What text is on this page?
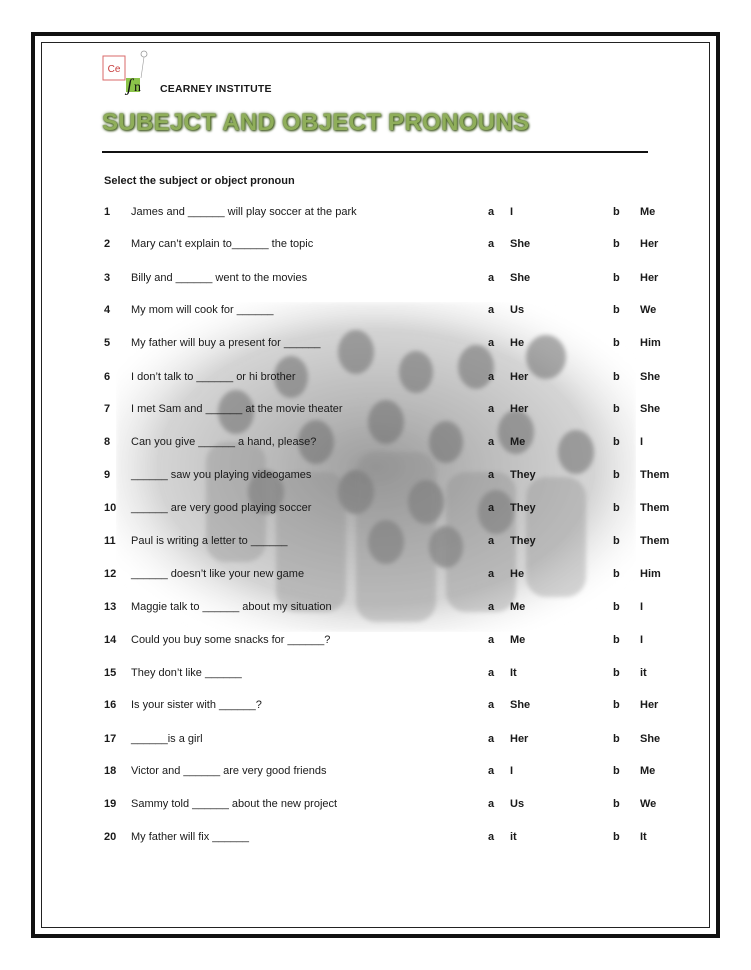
Ce
ʃ n CEARNEY INSTITUTE
SUBEJCT AND OBJECT PRONOUNS
Select the subject or object pronoun
1 James and ______ will play soccer at the park	a I	b Me
2 Mary can’t explain to______ the topic	a She	b Her
3 Billy and ______ went to the movies	a She	b Her
4 My mom will cook for ______	a Us	b We
5 My father will buy a present for ______	a He	b Him
6 I don’t talk to ______ or hi brother	a Her	b She
7 I met Sam and ______ at the movie theater	a Her	b She
8 Can you give ______ a hand, please?	a Me	b I
9 ______ saw you playing videogames	a They	b Them
10 ______ are very good playing soccer	a They	b Them
11 Paul is writing a letter to ______	a They	b Them
12 ______ doesn’t like your new game	a He	b Him
13 Maggie talk to ______ about my situation	a Me	b I
14 Could you buy some snacks for ______?	a Me	b I
15 They don’t like ______	a It	b it
16 Is your sister with ______?	a She	b Her
17 ______is a girl	a Her	b She
18 Victor and ______ are very good friends	a I	b Me
19 Sammy told ______ about the new project	a Us	b We
20 My father will fix ______	a it	b It
